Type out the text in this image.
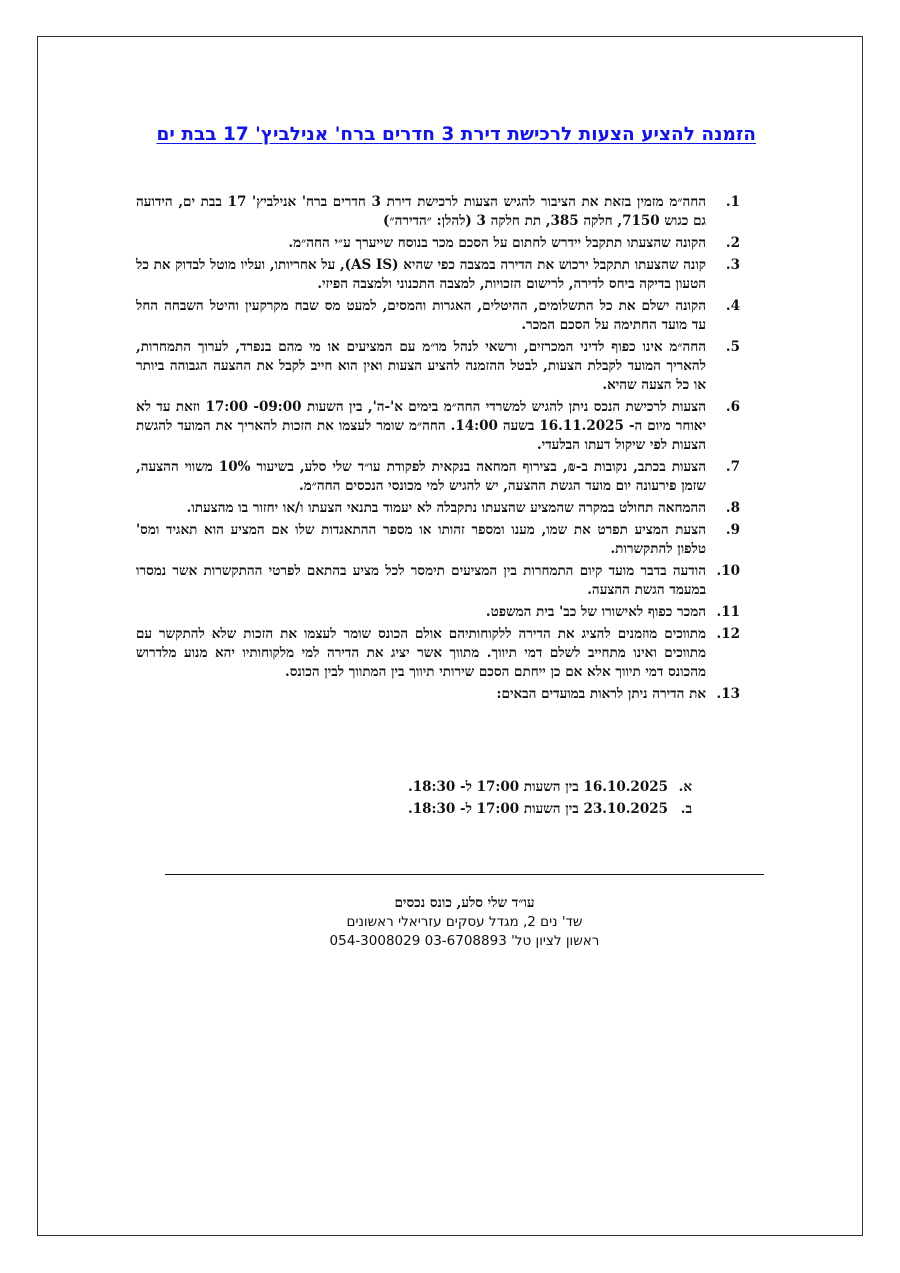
הזמנה להציע הצעות לרכישת דירת 3 חדרים ברח' אנילביץ' 17 בבת ים
.1
החה״מ מזמין בזאת את הציבור להגיש הצעות לרכישת דירת 3 חדרים ברח' אנילביץ' 17 בבת ים, הידועה גם כגוש 7150, חלקה 385, תת חלקה 3 (להלן: ״הדירה״)
.2
הקונה שהצעתו תתקבל יידרש לחתום על הסכם מכר בנוסח שייערך ע״י החה״מ.
.3
קונה שהצעתו תתקבל ירכוש את הדירה במצבה כפי שהיא (AS IS), על אחריותו, ועליו מוטל לבדוק את כל הטעון בדיקה ביחס לדירה, לרישום הזכויות, למצבה התכנוני ולמצבה הפיזי.
.4
הקונה ישלם את כל התשלומים, ההיטלים, האגרות והמסים, למעט מס שבח מקרקעין והיטל השבחה החל עד מועד החתימה על הסכם המכר.
.5
החה״מ אינו כפוף לדיני המכרזים, ורשאי לנהל מו״מ עם המציעים או מי מהם בנפרד, לערוך התמחרות, להאריך המועד לקבלת הצעות, לבטל ההזמנה להציע הצעות ואין הוא חייב לקבל את ההצעה הגבוהה ביותר או כל הצעה שהיא.
.6
הצעות לרכישת הנכס ניתן להגיש למשרדי החה״מ בימים א'-ה', בין השעות 09:00- 17:00 וזאת עד לא יאוחר מיום ה- 16.11.2025 בשעה 14:00. החה״מ שומר לעצמו את הזכות להאריך את המועד להגשת הצעות לפי שיקול דעתו הבלעדי.
.7
הצעות בכתב, נקובות ב-₪, בצירוף המחאה בנקאית לפקודת עו״ד שלי סלע, בשיעור 10% משווי ההצעה, שזמן פירעונה יום מועד הגשת ההצעה, יש להגיש למי מכונסי הנכסים החה״מ.
.8
ההמחאה תחולט במקרה שהמציע שהצעתו נתקבלה לא יעמוד בתנאי הצעתו ו/או יחזור בו מהצעתו.
.9
הצעת המציע תפרט את שמו, מענו ומספר זהותו או מספר ההתאגדות שלו אם המציע הוא תאגיד ומס' טלפון להתקשרות.
.10
הודעה בדבר מועד קיום התמחרות בין המציעים תימסר לכל מציע בהתאם לפרטי ההתקשרות אשר נמסרו במעמד הגשת ההצעה.
.11
המכר כפוף לאישורו של כב' בית המשפט.
.12
מתווכים מוזמנים להציג את הדירה ללקוחותיהם אולם הכונס שומר לעצמו את הזכות שלא להתקשר עם מתווכים ואינו מתחייב לשלם דמי תיווך. מתווך אשר יציג את הדירה למי מלקוחותיו יהא מנוע מלדרוש מהכונס דמי תיווך אלא אם כן ייחתם הסכם שירותי תיווך בין המתווך לבין הכונס.
.13
את הדירה ניתן לראות במועדים הבאים:
א.
16.10.2025 בין השעות 17:00 ל- 18:30.
ב.
23.10.2025 בין השעות 17:00 ל- 18:30.
עו״ד שלי סלע, כונס נכסים
שד' נים 2, מגדל עסקים עזריאלי ראשונים
ראשון לציון טל' 03-6708893 054-3008029
